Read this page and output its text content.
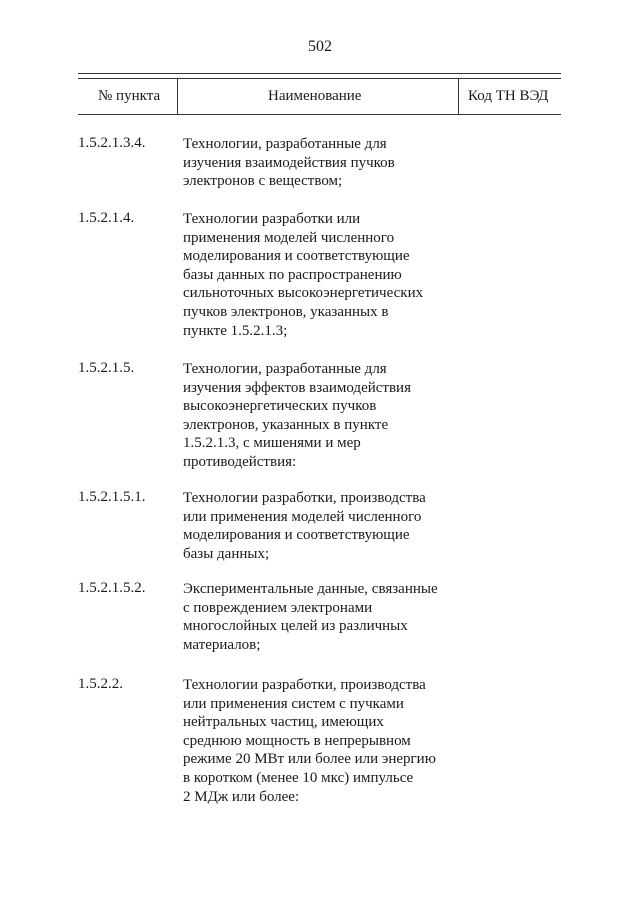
502
№ пункта	Наименование	Код ТН ВЭД
1.5.2.1.3.4.	Технологии, разработанные для
изучения взаимодействия пучков
электронов с веществом;
1.5.2.1.4.	Технологии разработки или
применения моделей численного
моделирования и соответствующие
базы данных по распространению
сильноточных высокоэнергетических
пучков электронов, указанных в
пункте 1.5.2.1.3;
1.5.2.1.5.	Технологии, разработанные для
изучения эффектов взаимодействия
высокоэнергетических пучков
электронов, указанных в пункте
1.5.2.1.3, с мишенями и мер
противодействия:
1.5.2.1.5.1.	Технологии разработки, производства
или применения моделей численного
моделирования и соответствующие
базы данных;
1.5.2.1.5.2.	Экспериментальные данные, связанные
с повреждением электронами
многослойных целей из различных
материалов;
1.5.2.2.	Технологии разработки, производства
или применения систем с пучками
нейтральных частиц, имеющих
среднюю мощность в непрерывном
режиме 20 МВт или более или энергию
в коротком (менее 10 мкс) импульсе
2 МДж или более:
